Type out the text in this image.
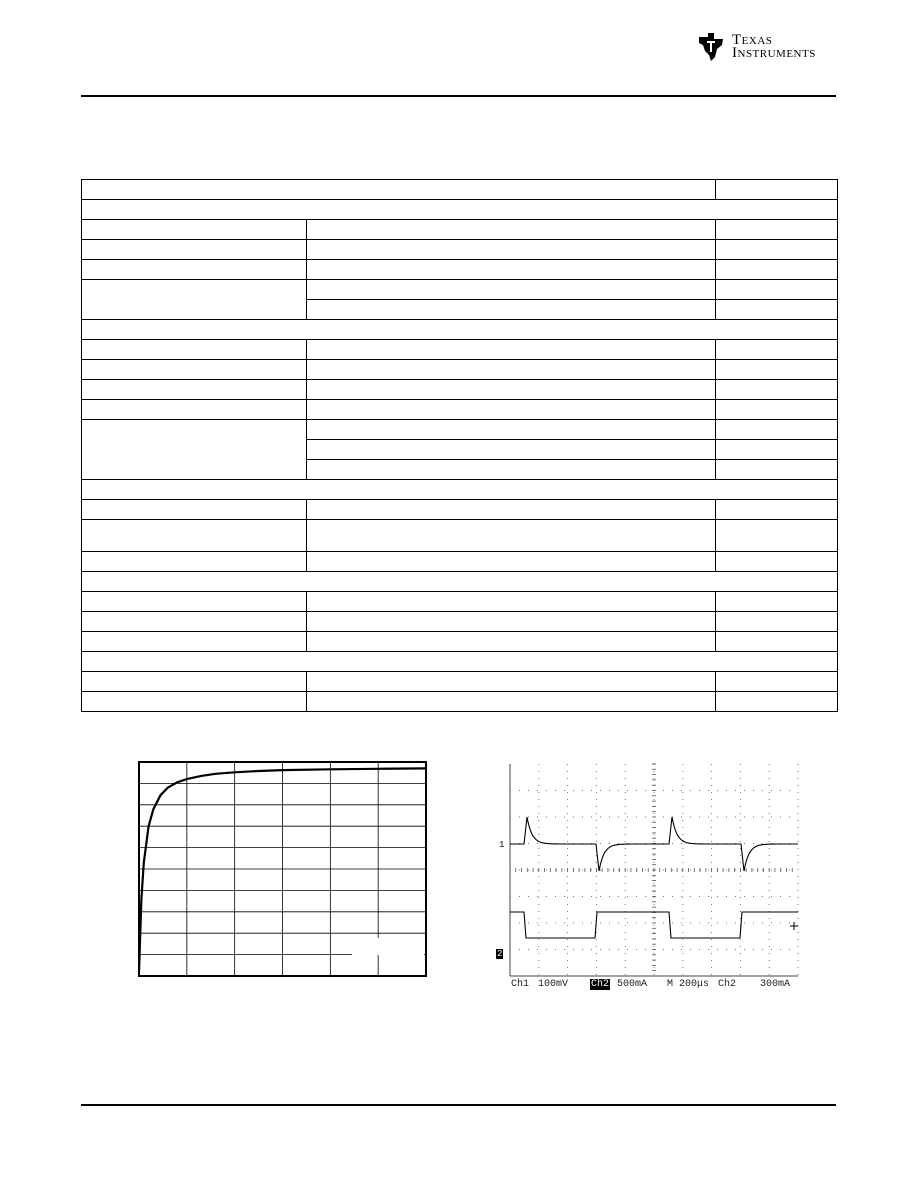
Texas
Instruments

1
2
Ch1 100mV Ch2 500mA M 200μs Ch2 300mA
